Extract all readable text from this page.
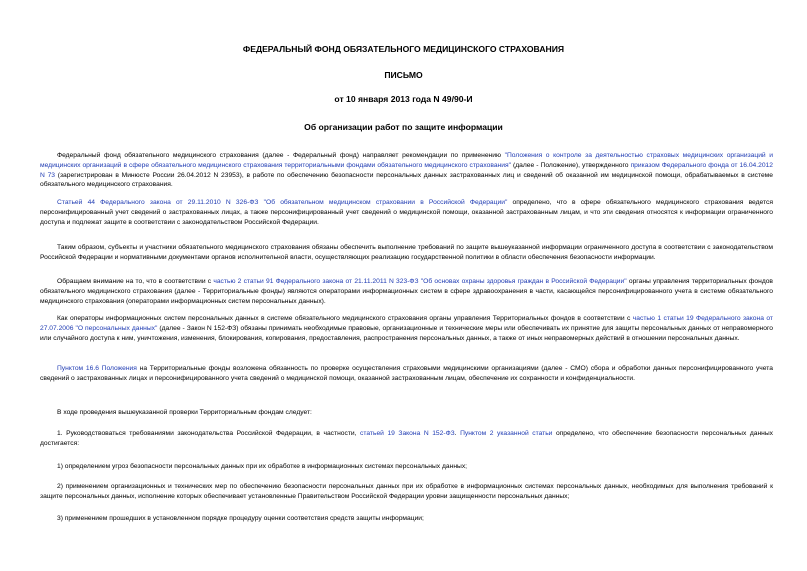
ФЕДЕРАЛЬНЫЙ ФОНД ОБЯЗАТЕЛЬНОГО МЕДИЦИНСКОГО СТРАХОВАНИЯ
ПИСЬМО
от 10 января 2013 года N 49/90-И
Об организации работ по защите информации
Федеральный фонд обязательного медицинского страхования (далее - Федеральный фонд) направляет рекомендации по применению "Положения о контроле за деятельностью страховых медицинских организаций и медицинских организаций в сфере обязательного медицинского страхования территориальными фондами обязательного медицинского страхования" (далее - Положение), утвержденного приказом Федерального фонда от 16.04.2012 N 73 (зарегистрирован в Минюсте России 26.04.2012 N 23953), в работе по обеспечению безопасности персональных данных застрахованных лиц и сведений об оказанной им медицинской помощи, обрабатываемых в системе обязательного медицинского страхования.
Статьей 44 Федерального закона от 29.11.2010 N 326-ФЗ "Об обязательном медицинском страховании в Российской Федерации" определено, что в сфере обязательного медицинского страхования ведется персонифицированный учет сведений о застрахованных лицах, а также персонифицированный учет сведений о медицинской помощи, оказанной застрахованным лицам, и что эти сведения относятся к информации ограниченного доступа и подлежат защите в соответствии с законодательством Российской Федерации.
Таким образом, субъекты и участники обязательного медицинского страхования обязаны обеспечить выполнение требований по защите вышеуказанной информации ограниченного доступа в соответствии с законодательством Российской Федерации и нормативными документами органов исполнительной власти, осуществляющих реализацию государственной политики в области обеспечения безопасности информации.
Обращаем внимание на то, что в соответствии с частью 2 статьи 91 Федерального закона от 21.11.2011 N 323-ФЗ "Об основах охраны здоровья граждан в Российской Федерации" органы управления территориальных фондов обязательного медицинского страхования (далее - Территориальные фонды) являются операторами информационных систем в сфере здравоохранения в части, касающейся персонифицированного учета в системе обязательного медицинского страхования (операторами информационных систем персональных данных).
Как операторы информационных систем персональных данных в системе обязательного медицинского страхования органы управления Территориальных фондов в соответствии с частью 1 статьи 19 Федерального закона от 27.07.2006 "О персональных данных" (далее - Закон N 152-ФЗ) обязаны принимать необходимые правовые, организационные и технические меры или обеспечивать их принятие для защиты персональных данных от неправомерного или случайного доступа к ним, уничтожения, изменения, блокирования, копирования, предоставления, распространения персональных данных, а также от иных неправомерных действий в отношении персональных данных.
Пунктом 16.6 Положения на Территориальные фонды возложена обязанность по проверке осуществления страховыми медицинскими организациями (далее - СМО) сбора и обработки данных персонифицированного учета сведений о застрахованных лицах и персонифицированного учета сведений о медицинской помощи, оказанной застрахованным лицам, обеспечение их сохранности и конфиденциальности.
В ходе проведения вышеуказанной проверки Территориальным фондам следует:
1. Руководствоваться требованиями законодательства Российской Федерации, в частности, статьей 19 Закона N 152-ФЗ. Пунктом 2 указанной статьи определено, что обеспечение безопасности персональных данных достигается:
1) определением угроз безопасности персональных данных при их обработке в информационных системах персональных данных;
2) применением организационных и технических мер по обеспечению безопасности персональных данных при их обработке в информационных системах персональных данных, необходимых для выполнения требований к защите персональных данных, исполнение которых обеспечивает установленные Правительством Российской Федерации уровни защищенности персональных данных;
3) применением прошедших в установленном порядке процедуру оценки соответствия средств защиты информации;
